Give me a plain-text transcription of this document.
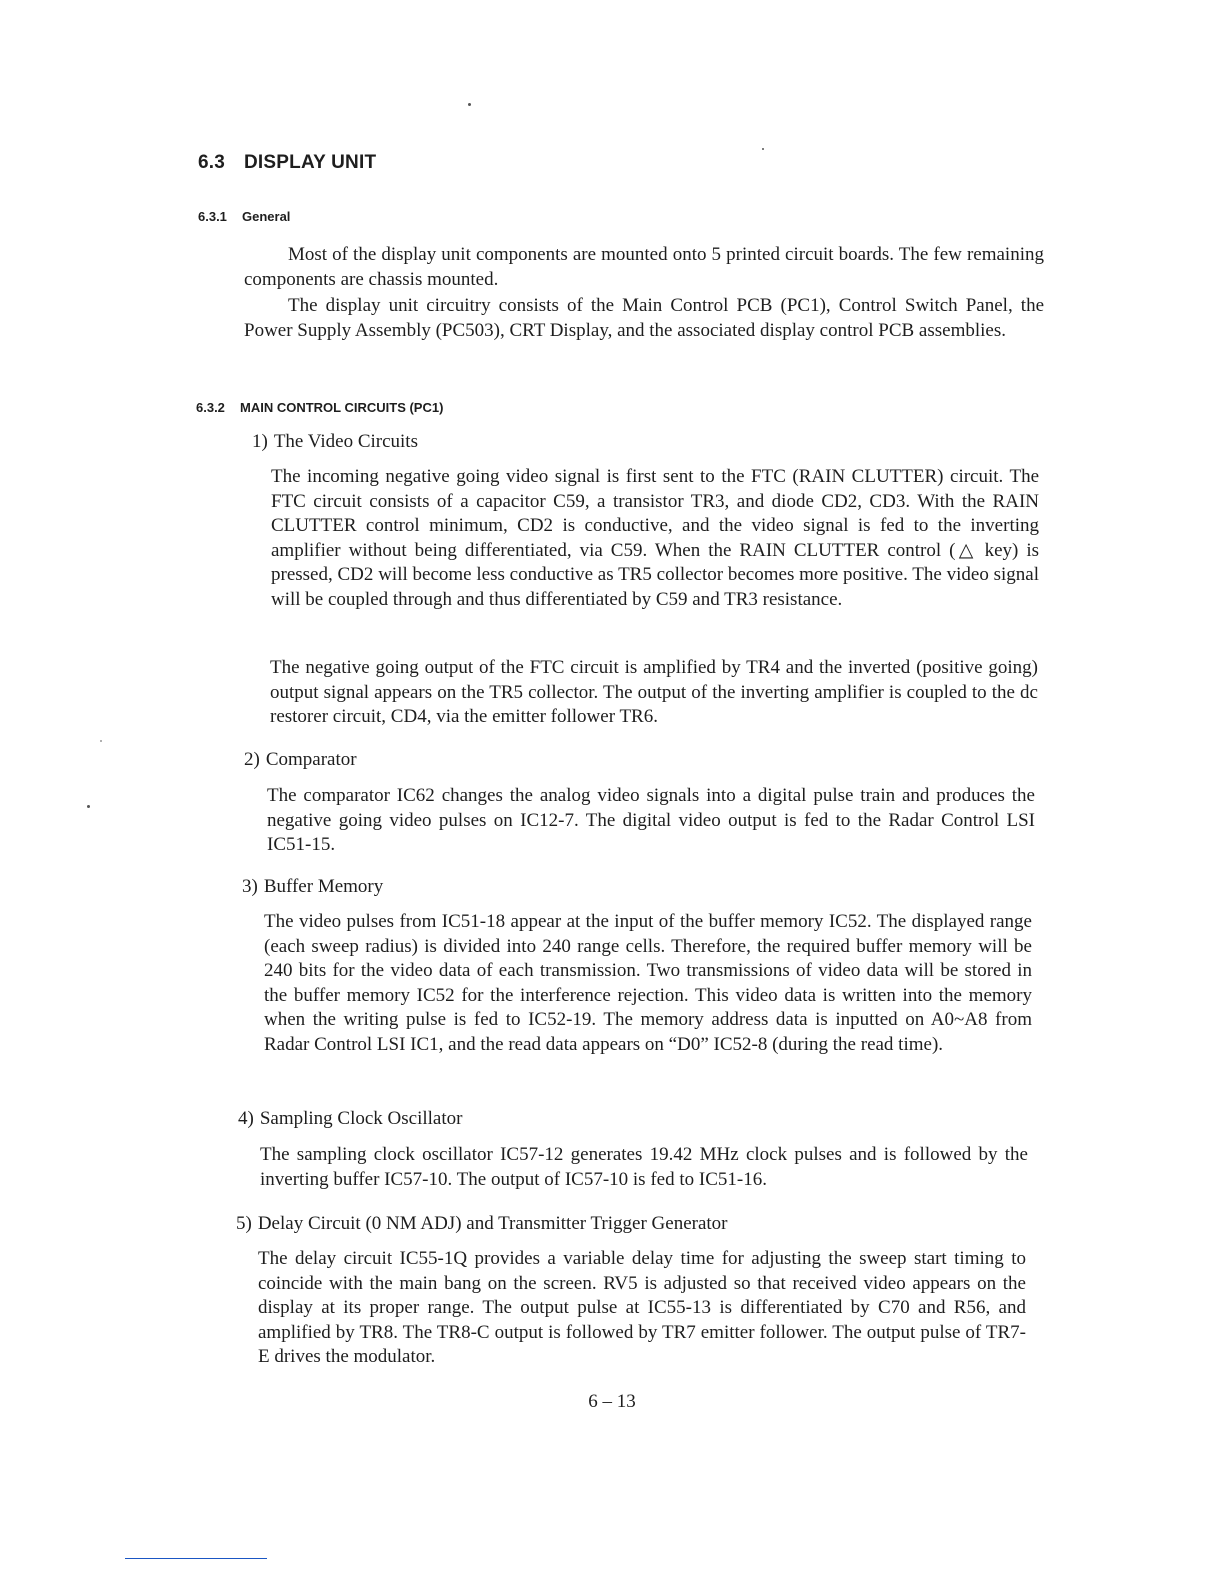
6.3 DISPLAY UNIT
6.3.1 General

Most of the display unit components are mounted onto 5 printed circuit boards. The few remaining components are chassis mounted.

The display unit circuitry consists of the Main Control PCB (PC1), Control Switch Panel, the Power Supply Assembly (PC503), CRT Display, and the associated display control PCB assemblies.

6.3.2 MAIN CONTROL CIRCUITS (PC1)
1) The Video Circuits

The incoming negative going video signal is first sent to the FTC (RAIN CLUTTER) circuit. The FTC circuit consists of a capacitor C59, a transistor TR3, and diode CD2, CD3. With the RAIN CLUTTER control minimum, CD2 is conductive, and the video signal is fed to the inverting amplifier without being differentiated, via C59. When the RAIN CLUTTER control (△ key) is pressed, CD2 will become less conductive as TR5 collector becomes more positive. The video signal will be coupled through and thus differentiated by C59 and TR3 resistance.

The negative going output of the FTC circuit is amplified by TR4 and the inverted (positive going) output signal appears on the TR5 collector. The output of the inverting amplifier is coupled to the dc restorer circuit, CD4, via the emitter follower TR6.

2) Comparator

The comparator IC62 changes the analog video signals into a digital pulse train and produces the negative going video pulses on IC12-7. The digital video output is fed to the Radar Control LSI IC51-15.

3) Buffer Memory

The video pulses from IC51-18 appear at the input of the buffer memory IC52. The displayed range (each sweep radius) is divided into 240 range cells. Therefore, the required buffer memory will be 240 bits for the video data of each transmission. Two transmissions of video data will be stored in the buffer memory IC52 for the interference rejection. This video data is written into the memory when the writing pulse is fed to IC52-19. The memory address data is inputted on A0~A8 from Radar Control LSI IC1, and the read data appears on “D0” IC52-8 (during the read time).

4) Sampling Clock Oscillator

The sampling clock oscillator IC57-12 generates 19.42 MHz clock pulses and is followed by the inverting buffer IC57-10. The output of IC57-10 is fed to IC51-16.

5) Delay Circuit (0 NM ADJ) and Transmitter Trigger Generator

The delay circuit IC55-1Q provides a variable delay time for adjusting the sweep start timing to coincide with the main bang on the screen. RV5 is adjusted so that received video appears on the display at its proper range. The output pulse at IC55-13 is differentiated by C70 and R56, and amplified by TR8. The TR8-C output is followed by TR7 emitter follower. The output pulse of TR7-E drives the modulator.

6 – 13
